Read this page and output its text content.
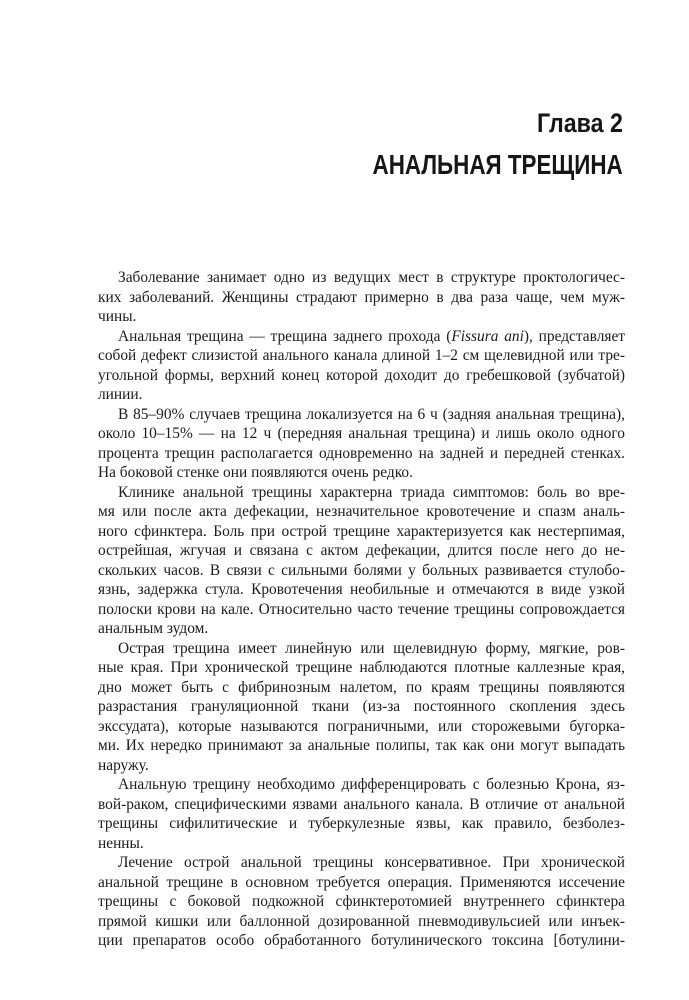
Глава 2
АНАЛЬНАЯ ТРЕЩИНА
Заболевание занимает одно из ведущих мест в структуре проктологичес-
ких заболеваний. Женщины страдают примерно в два раза чаще, чем муж-
чины.
Анальная трещина — трещина заднего прохода (Fissura ani), представляет
собой дефект слизистой анального канала длиной 1–2 см щелевидной или тре-
угольной формы, верхний конец которой доходит до гребешковой (зубчатой)
линии.
В 85–90% случаев трещина локализуется на 6 ч (задняя анальная трещина),
около 10–15% — на 12 ч (передняя анальная трещина) и лишь около одного
процента трещин располагается одновременно на задней и передней стенках.
На боковой стенке они появляются очень редко.
Клинике анальной трещины характерна триада симптомов: боль во вре-
мя или после акта дефекации, незначительное кровотечение и спазм аналь-
ного сфинктера. Боль при острой трещине характеризуется как нестерпимая,
острейшая, жгучая и связана с актом дефекации, длится после него до не-
скольких часов. В связи с сильными болями у больных развивается стулобо-
язнь, задержка стула. Кровотечения необильные и отмечаются в виде узкой
полоски крови на кале. Относительно часто течение трещины сопровождается
анальным зудом.
Острая трещина имеет линейную или щелевидную форму, мягкие, ров-
ные края. При хронической трещине наблюдаются плотные каллезные края,
дно может быть с фибринозным налетом, по краям трещины появляются
разрастания грануляционной ткани (из-за постоянного скопления здесь
экссудата), которые называются пограничными, или сторожевыми бугорка-
ми. Их нередко принимают за анальные полипы, так как они могут выпадать
наружу.
Анальную трещину необходимо дифференцировать с болезнью Крона, яз-
вой-раком, специфическими язвами анального канала. В отличие от анальной
трещины сифилитические и туберкулезные язвы, как правило, безболез-
ненны.
Лечение острой анальной трещины консервативное. При хронической
анальной трещине в основном требуется операция. Применяются иссечение
трещины с боковой подкожной сфинктеротомией внутреннего сфинктера
прямой кишки или баллонной дозированной пневмодивульсией или инъек-
ции препаратов особо обработанного ботулинического токсина [ботулини-
